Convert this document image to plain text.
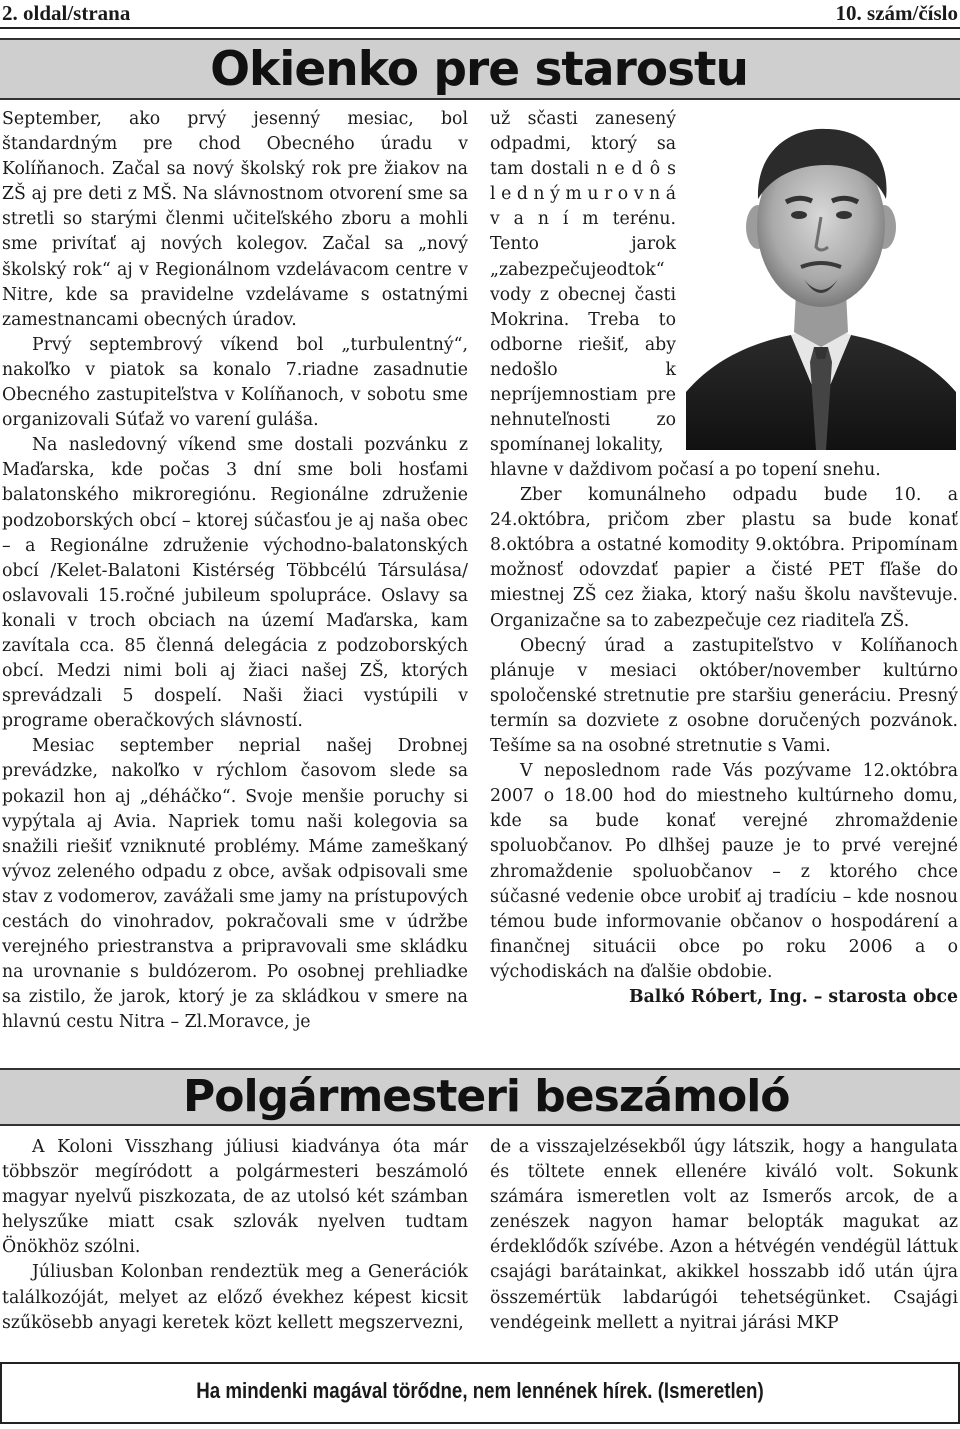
2. oldal/strana	10. szám/číslo
Okienko pre starostu

September, ako prvý jesenný mesiac, bol štandardným pre chod Obecného úradu v Kolíňanoch. Začal sa nový školský rok pre žiakov na ZŠ aj pre deti z MŠ. Na slávnostnom otvorení sme sa stretli so starými členmi učiteľského zboru a mohli sme privítať aj nových kolegov. Začal sa „nový školský rok“ aj v Regionálnom vzdelávacom centre v Nitre, kde sa pravidelne vzdelávame s ostatnými zamestnancami obecných úradov.

Prvý septembrový víkend bol „turbulentný“, nakoľko v piatok sa konalo 7.riadne zasadnutie Obecného zastupiteľstva v Kolíňanoch, v sobotu sme organizovali Súťaž vo varení guláša.

Na nasledovný víkend sme dostali pozvánku z Maďarska, kde počas 3 dní sme boli hosťami balatonského mikroregiónu. Regionálne združenie podzoborských obcí – ktorej súčasťou je aj naša obec – a Regionálne združenie východno-balatonských obcí /Kelet-Balatoni Kistérség Többcélú Társulása/ oslavovali 15.ročné jubileum spolupráce. Oslavy sa konali v troch obciach na území Maďarska, kam zavítala cca. 85 členná delegácia z podzoborských obcí. Medzi nimi boli aj žiaci našej ZŠ, ktorých sprevádzali 5 dospelí. Naši žiaci vystúpili v programe oberačkových slávností.

Mesiac september neprial našej Drobnej prevádzke, nakoľko v rýchlom časovom slede sa pokazil hon aj „déháčko“. Svoje menšie poruchy si vypýtala aj Avia. Napriek tomu naši kolegovia sa snažili riešiť vzniknuté problémy. Máme zameškaný vývoz zeleného odpadu z obce, avšak odpisovali sme stav z vodomerov, zavážali sme jamy na prístupových cestách do vinohradov, pokračovali sme v údržbe verejného priestranstva a pripravovali sme skládku na urovnanie s buldózerom. Po osobnej prehliadke sa zistilo, že jarok, ktorý je za skládkou v smere na hlavnú cestu Nitra – Zl.Moravce, je

už sčasti zanesený odpadmi, ktorý sa tam dostali n e d ô s l e d n ý m u r o v n á v a n í m terénu. Tento jarok „zabezpečujeodtok“ vody z obecnej časti Mokrina. Treba to odborne riešiť, aby nedošlo k nepríjemnostiam pre nehnuteľnosti zo spomínanej lokality,

hlavne v daždivom počasí a po topení snehu.

Zber komunálneho odpadu bude 10. a 24.októbra, pričom zber plastu sa bude konať 8.októbra a ostatné komodity 9.októbra. Pripomínam možnosť odovzdať papier a čisté PET fľaše do miestnej ZŠ cez žiaka, ktorý našu školu navštevuje. Organizačne sa to zabezpečuje cez riaditeľa ZŠ.

Obecný úrad a zastupiteľstvo v Kolíňanoch plánuje v mesiaci október/november kultúrno spoločenské stretnutie pre staršiu generáciu. Presný termín sa dozviete z osobne doručených pozvánok. Tešíme sa na osobné stretnutie s Vami.

V neposlednom rade Vás pozývame 12.októbra 2007 o 18.00 hod do miestneho kultúrneho domu, kde sa bude konať verejné zhromaždenie spoluobčanov. Po dlhšej pauze je to prvé verejné zhromaždenie spoluobčanov – z ktorého chce súčasné vedenie obce urobiť aj tradíciu – kde nosnou témou bude informovanie občanov o hospodárení a finančnej situácii obce po roku 2006 a o východiskách na ďalšie obdobie.

Balkó Róbert, Ing. – starosta obce

Polgármesteri beszámoló

A Koloni Visszhang júliusi kiadványa óta már többször megíródott a polgármesteri beszámoló magyar nyelvű piszkozata, de az utolsó két számban helyszűke miatt csak szlovák nyelven tudtam Önökhöz szólni.

Júliusban Kolonban rendeztük meg a Generációk találkozóját, melyet az előző évekhez képest kicsit szűkösebb anyagi keretek közt kellett megszervezni,

de a visszajelzésekből úgy látszik, hogy a hangulata és töltete ennek ellenére kiváló volt. Sokunk számára ismeretlen volt az Ismerős arcok, de a zenészek nagyon hamar belopták magukat az érdeklődők szívébe. Azon a hétvégén vendégül láttuk csajági barátainkat, akikkel hosszabb idő után újra összemértük labdarúgói tehetségünket. Csajági vendégeink mellett a nyitrai járási MKP

Ha mindenki magával törődne, nem lennének hírek. (Ismeretlen)
